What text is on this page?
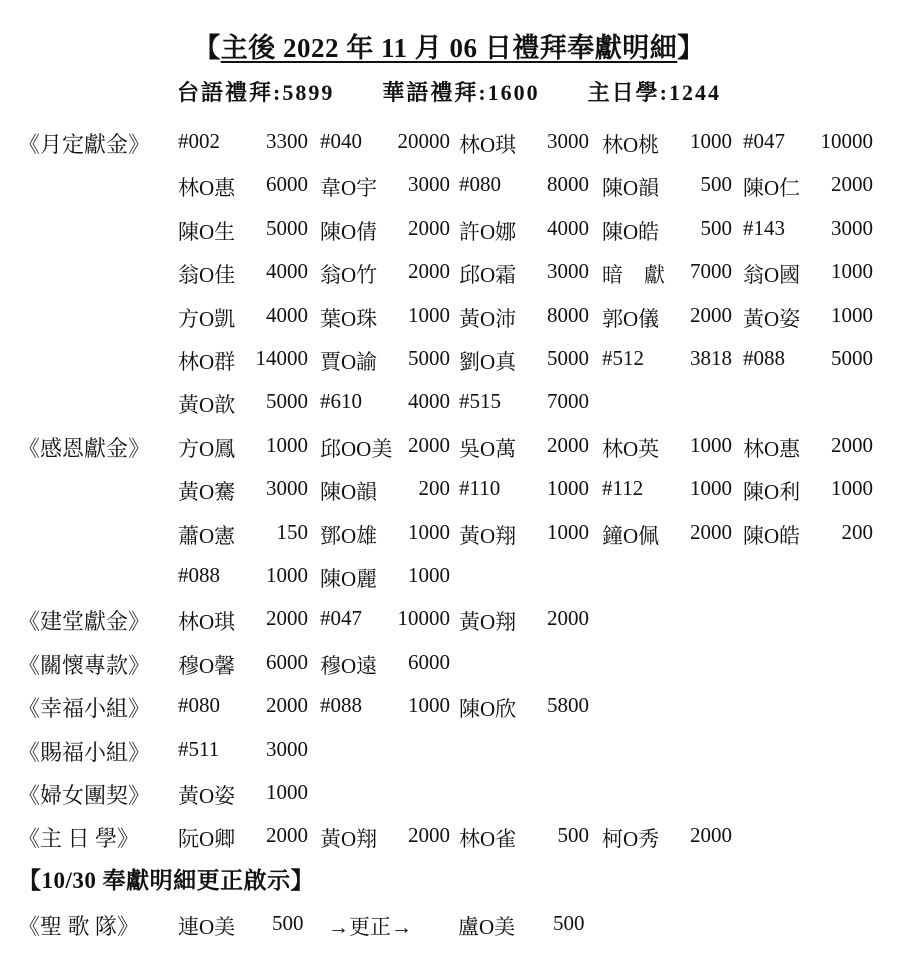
【主後 2022 年 11 月 06 日禮拜奉獻明細】
台語禮拜:5899 華語禮拜:1600 主日學:1244
《月定獻金》	#002	3300 #040 20000 林O琪	3000 林O桃	1000 #047 10000
林O惠	6000 韋O宇	3000 #080	8000 陳O韻	500 陳O仁	2000
陳O生	5000 陳O倩	2000 許O娜	4000 陳O皓	500 #143	3000
翁O佳	4000 翁O竹	2000 邱O霜	3000 暗　獻	7000 翁O國	1000
方O凱	4000 葉O珠	1000 黃O沛	8000 郭O儀	2000 黃O姿	1000
林O群 14000 賈O諭	5000 劉O真	5000 #512	3818 #088	5000
黃O歆	5000 #610	4000 #515	7000
《感恩獻金》	方O鳳	1000 邱OO美 2000 吳O萬	2000 林O英	1000 林O惠	2000
黃O騫	3000 陳O韻	200 #110	1000 #112	1000 陳O利	1000
蕭O憲	150 鄧O雄	1000 黃O翔	1000 鐘O佩	2000 陳O皓	200
#088	1000 陳O麗	1000
《建堂獻金》	林O琪	2000 #047 10000 黃O翔	2000
《關懷專款》	穆O馨	6000 穆O遠	6000
《幸福小組》	#080	2000 #088	1000 陳O欣	5800
《賜福小組》	#511	3000
《婦女團契》	黃O姿	1000
《主 日 學》	阮O卿	2000 黃O翔	2000 林O雀	500 柯O秀	2000
【10/30 奉獻明細更正啟示】
《聖 歌 隊》	連O美 500 →更正→ 盧O美 500
